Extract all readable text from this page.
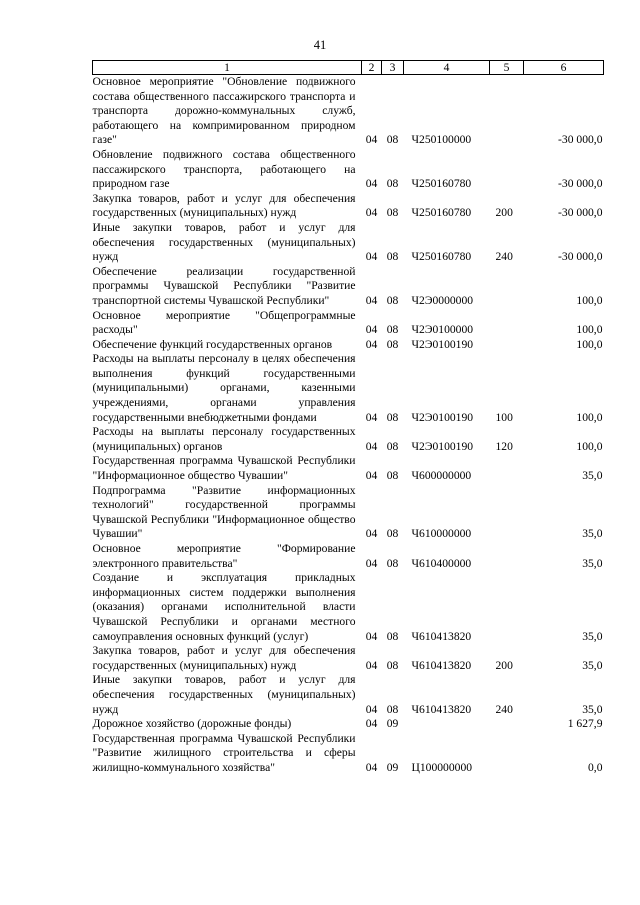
41
1	2	3	4	5	6
Основное мероприятие "Обновление подвижного состава общественного пассажирского транспорта и транспорта дорожно-коммунальных служб, работающего на компримированном природном газе"	04	08	Ч250100000		-30 000,0
Обновление подвижного состава общественного пассажирского транспорта, работающего на природном газе	04	08	Ч250160780		-30 000,0
Закупка товаров, работ и услуг для обеспечения государственных (муниципальных) нужд	04	08	Ч250160780	200	-30 000,0
Иные закупки товаров, работ и услуг для обеспечения государственных (муниципальных) нужд	04	08	Ч250160780	240	-30 000,0
Обеспечение реализации государственной программы Чувашской Республики "Развитие транспортной системы Чувашской Республики"	04	08	Ч2Э0000000		100,0
Основное мероприятие "Общепрограммные расходы"	04	08	Ч2Э0100000		100,0
Обеспечение функций государственных органов	04	08	Ч2Э0100190		100,0
Расходы на выплаты персоналу в целях обеспечения выполнения функций государственными (муниципальными) органами, казенными учреждениями, органами управления государственными внебюджетными фондами	04	08	Ч2Э0100190	100	100,0
Расходы на выплаты персоналу государственных (муниципальных) органов	04	08	Ч2Э0100190	120	100,0
Государственная программа Чувашской Республики "Информационное общество Чувашии"	04	08	Ч600000000		35,0
Подпрограмма "Развитие информационных технологий" государственной программы Чувашской Республики "Информационное общество Чувашии"	04	08	Ч610000000		35,0
Основное мероприятие "Формирование электронного правительства"	04	08	Ч610400000		35,0
Создание и эксплуатация прикладных информационных систем поддержки выполнения (оказания) органами исполнительной власти Чувашской Республики и органами местного самоуправления основных функций (услуг)	04	08	Ч610413820		35,0
Закупка товаров, работ и услуг для обеспечения государственных (муниципальных) нужд	04	08	Ч610413820	200	35,0
Иные закупки товаров, работ и услуг для обеспечения государственных (муниципальных) нужд	04	08	Ч610413820	240	35,0
Дорожное хозяйство (дорожные фонды)	04	09			1 627,9
Государственная программа Чувашской Республики "Развитие жилищного строительства и сферы жилищно-коммунального хозяйства"	04	09	Ц100000000		0,0
